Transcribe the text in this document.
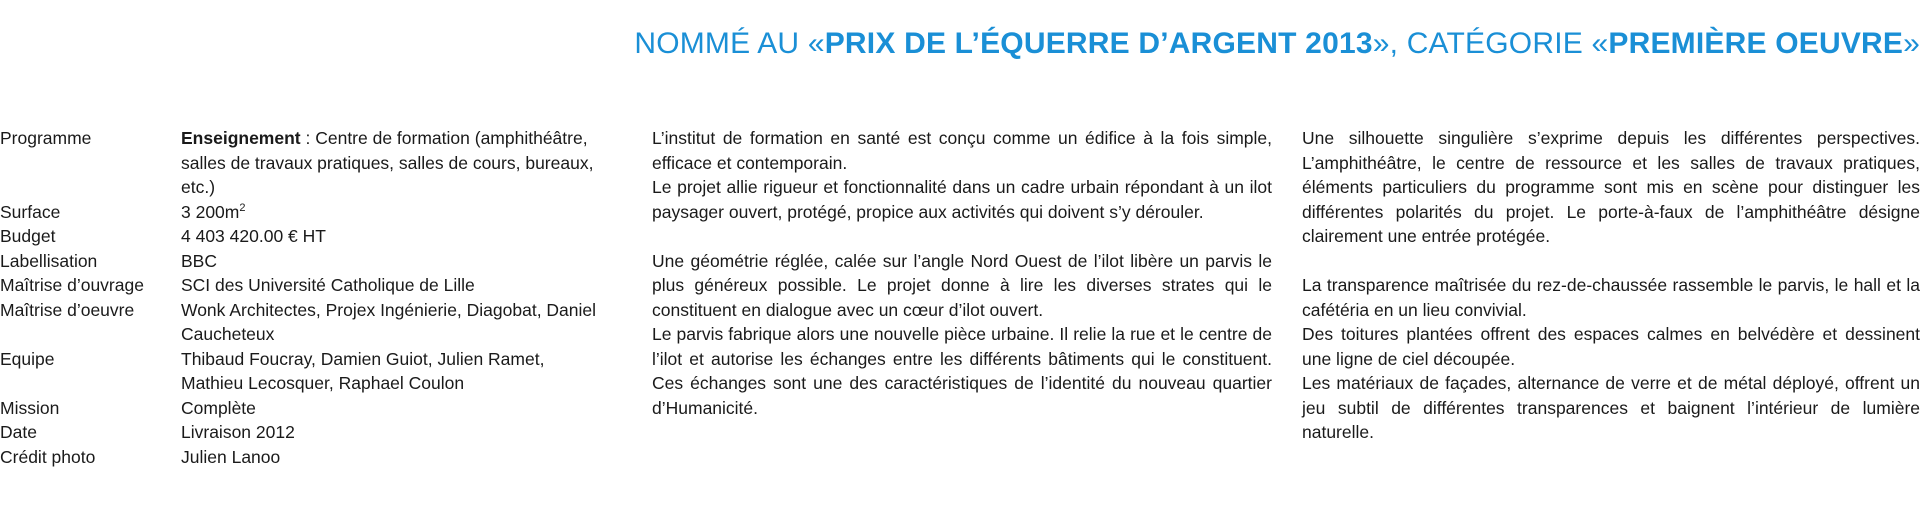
NOMMÉ AU «PRIX DE L’ÉQUERRE D’ARGENT 2013», CATÉGORIE «PREMIÈRE OEUVRE»
Programme	Enseignement : Centre de formation (amphithéâtre, salles de travaux pratiques, salles de cours, bureaux, etc.)
Surface	3 $200m^2$
Budget	4 403 420.00 € HT
Labellisation	BBC
Maîtrise d’ouvrage	SCI des Université Catholique de Lille
Maîtrise d’oeuvre	Wonk Architectes, Projex Ingénierie, Diagobat, Daniel Caucheteux
Equipe	Thibaud Foucray, Damien Guiot, Julien Ramet, Mathieu Lecosquer, Raphael Coulon
Mission	Complète
Date	Livraison 2012
Crédit photo	Julien Lanoo

L’institut de formation en santé est conçu comme un édifice à la fois simple, efficace et contemporain.

Le projet allie rigueur et fonctionnalité dans un cadre urbain répondant à un ilot paysager ouvert, protégé, propice aux activités qui doivent s’y dérouler.

Une géométrie réglée, calée sur l’angle Nord Ouest de l’ilot libère un parvis le plus généreux possible. Le projet donne à lire les diverses strates qui le constituent en dialogue avec un cœur d’ilot ouvert.

Le parvis fabrique alors une nouvelle pièce urbaine. Il relie la rue et le centre de l’ilot et autorise les échanges entre les différents bâtiments qui le constituent. Ces échanges sont une des caractéristiques de l’identité du nouveau quartier d’Humanicité.

Une silhouette singulière s’exprime depuis les différentes perspectives. L’amphithéâtre, le centre de ressource et les salles de travaux pratiques, éléments particuliers du programme sont mis en scène pour distinguer les différentes polarités du projet. Le porte-à-faux de l’amphithéâtre désigne clairement une entrée protégée.

La transparence maîtrisée du rez-de-chaussée rassemble le parvis, le hall et la cafétéria en un lieu convivial.

Des toitures plantées offrent des espaces calmes en belvédère et dessinent une ligne de ciel découpée.

Les matériaux de façades, alternance de verre et de métal déployé, offrent un jeu subtil de différentes transparences et baignent l’intérieur de lumière naturelle.
